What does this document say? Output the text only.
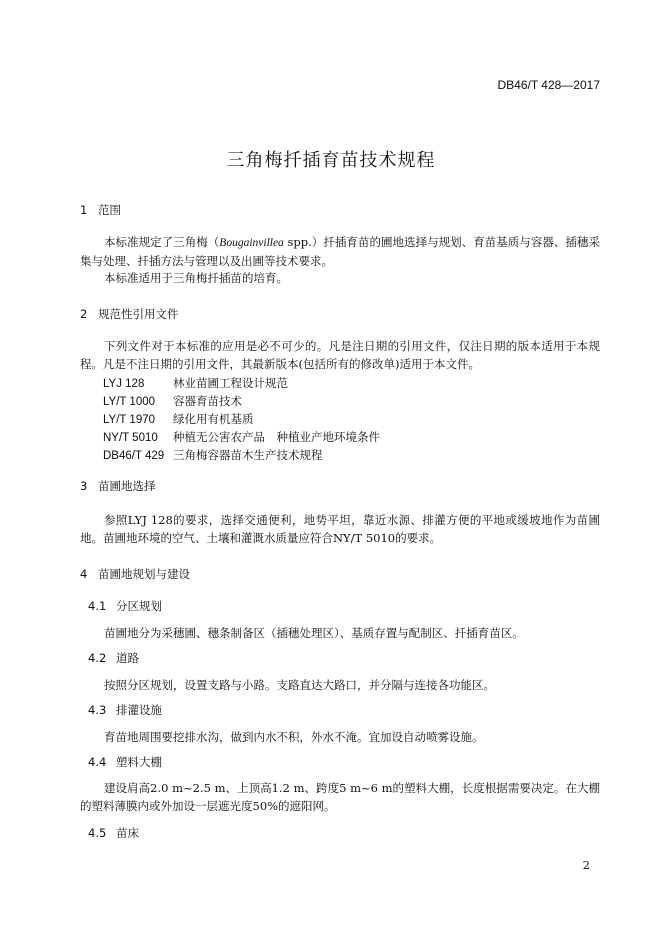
DB46/T 428—2017
三角梅扦插育苗技术规程
1 范围
本标准规定了三角梅（Bougainvillea spp.）扦插育苗的圃地选择与规划、育苗基质与容器、插穗采集与处理、扦插方法与管理以及出圃等技术要求。
本标准适用于三角梅扦插苗的培育。
2 规范性引用文件
下列文件对于本标准的应用是必不可少的。凡是注日期的引用文件，仅注日期的版本适用于本规程。凡是不注日期的引用文件，其最新版本(包括所有的修改单)适用于本文件。
LYJ 128 林业苗圃工程设计规范
LY/T 1000 容器育苗技术
LY/T 1970 绿化用有机基质
NY/T 5010 种植无公害农产品　种植业产地环境条件
DB46/T 429 三角梅容器苗木生产技术规程
3 苗圃地选择
参照LYJ 128的要求，选择交通便利，地势平坦，靠近水源、排灌方便的平地或缓坡地作为苗圃地。苗圃地环境的空气、土壤和灌溉水质量应符合NY/T 5010的要求。
4 苗圃地规划与建设
4.1 分区规划
苗圃地分为采穗圃、穗条制备区（插穗处理区）、基质存置与配制区、扦插育苗区。
4.2 道路
按照分区规划，设置支路与小路。支路直达大路口，并分隔与连接各功能区。
4.3 排灌设施
育苗地周围要挖排水沟，做到内水不积，外水不淹。宜加设自动喷雾设施。
4.4 塑料大棚
建设肩高2.0 m~2.5 m、上顶高1.2 m、跨度5 m~6 m的塑料大棚，长度根据需要决定。在大棚的塑料薄膜内或外加设一层遮光度50%的遮阳网。
4.5 苗床
2
